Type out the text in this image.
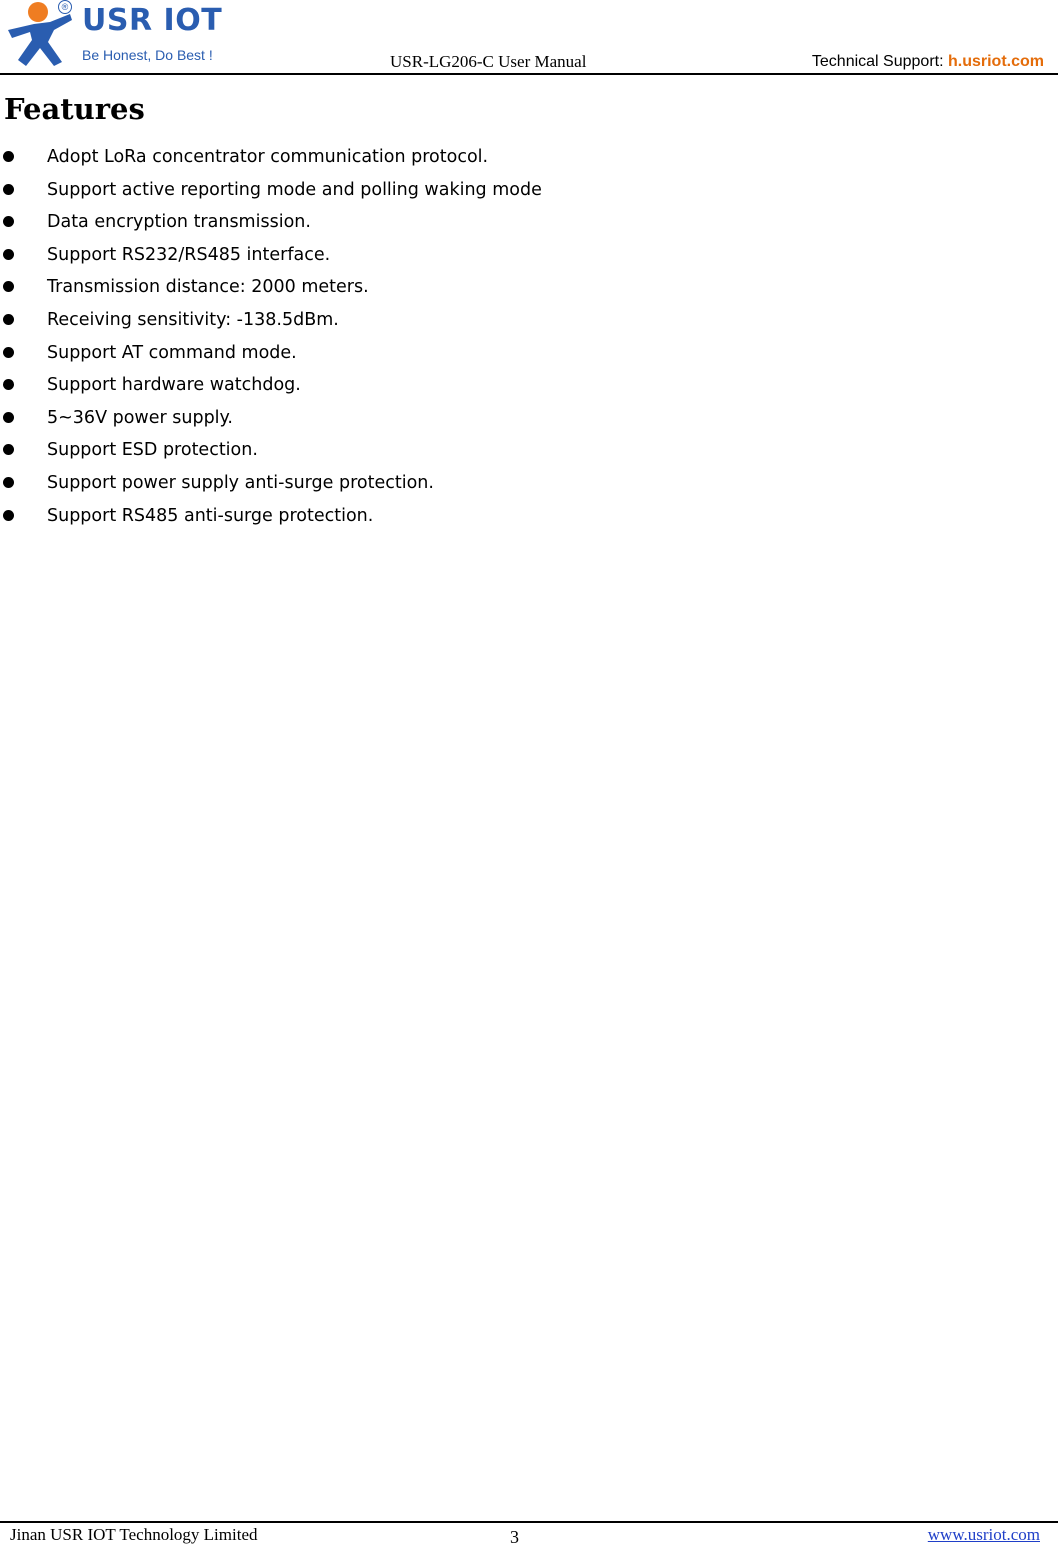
® USR IOT
Be Honest, Do Best !	USR-LG206-C User Manual	Technical Support: h.usriot.com
Features
Adopt LoRa concentrator communication protocol.
Support active reporting mode and polling waking mode
Data encryption transmission.
Support RS232/RS485 interface.
Transmission distance: 2000 meters.
Receiving sensitivity: -138.5dBm.
Support AT command mode.
Support hardware watchdog.
5~36V power supply.
Support ESD protection.
Support power supply anti-surge protection.
Support RS485 anti-surge protection.
Jinan USR IOT Technology Limited	3	www.usriot.com
